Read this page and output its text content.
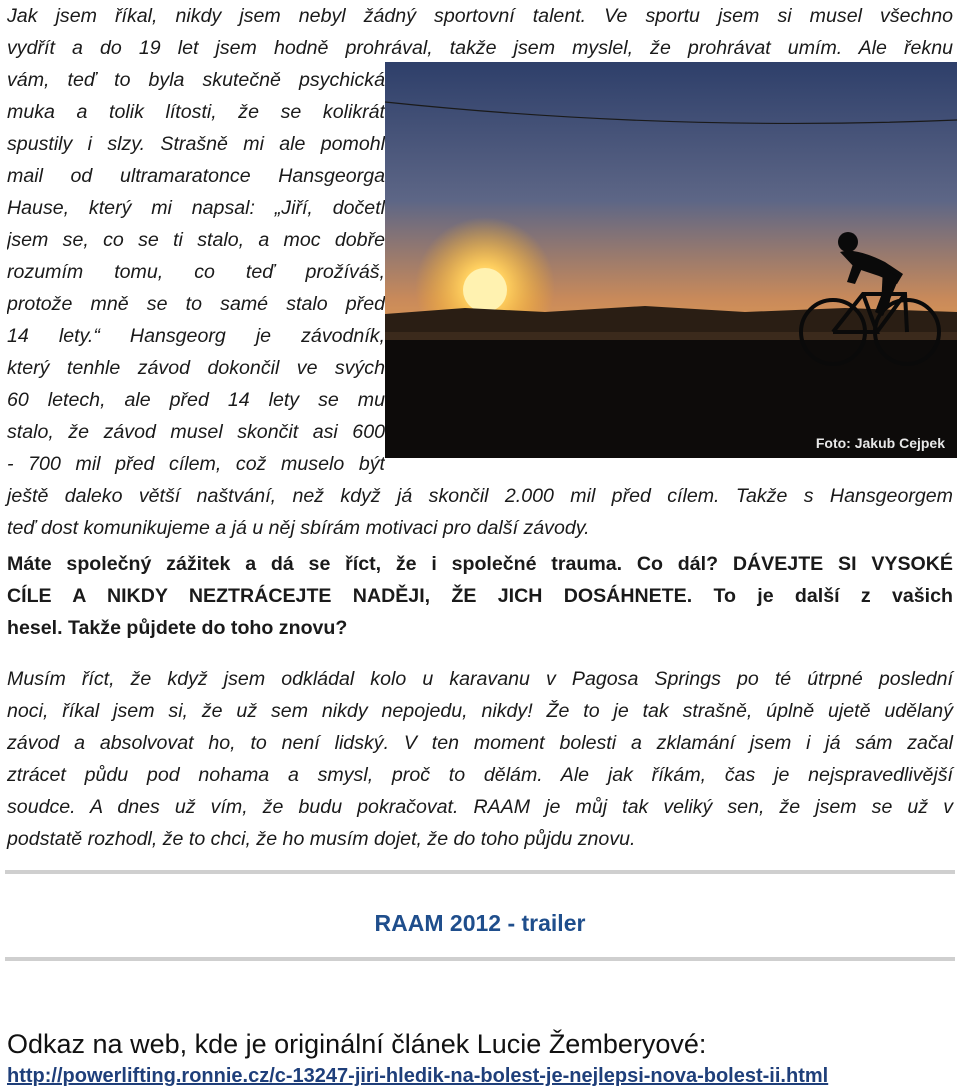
Jak jsem říkal, nikdy jsem nebyl žádný sportovní talent. Ve sportu jsem si musel všechno
vydřít a do 19 let jsem hodně prohrával, takže jsem myslel, že prohrávat umím. Ale řeknu
vám, teď to byla skutečně psychická
muka a tolik lítosti, že se kolikrát
spustily i slzy. Strašně mi ale pomohl
mail od ultramaratonce Hansgeorga
Hause, který mi napsal: „Jiří, dočetl
jsem se, co se ti stalo, a moc dobře
rozumím tomu, co teď prožíváš,
protože mně se to samé stalo před
14 lety.“ Hansgeorg je závodník,
který tenhle závod dokončil ve svých
60 letech, ale před 14 lety se mu
stalo, že závod musel skončit asi 600
- 700 mil před cílem, což muselo být
ještě daleko větší naštvání, než když já skončil 2.000 mil před cílem. Takže s Hansgeorgem
teď dost komunikujeme a já u něj sbírám motivaci pro další závody.
Foto: Jakub Cejpek
Máte společný zážitek a dá se říct, že i společné trauma. Co dál? DÁVEJTE SI VYSOKÉ
CÍLE A NIKDY NEZTRÁCEJTE NADĚJI, ŽE JICH DOSÁHNETE. To je další z vašich
hesel. Takže půjdete do toho znovu?
Musím říct, že když jsem odkládal kolo u karavanu v Pagosa Springs po té útrpné poslední
noci, říkal jsem si, že už sem nikdy nepojedu, nikdy! Že to je tak strašně, úplně ujetě udělaný
závod a absolvovat ho, to není lidský. V ten moment bolesti a zklamání jsem i já sám začal
ztrácet půdu pod nohama a smysl, proč to dělám. Ale jak říkám, čas je nejspravedlivější
soudce. A dnes už vím, že budu pokračovat. RAAM je můj tak veliký sen, že jsem se už v
podstatě rozhodl, že to chci, že ho musím dojet, že do toho půjdu znovu.
RAAM 2012 - trailer
Odkaz na web, kde je originální článek Lucie Žemberyové:
http://powerlifting.ronnie.cz/c-13247-jiri-hledik-na-bolest-je-nejlepsi-nova-bolest-ii.html
